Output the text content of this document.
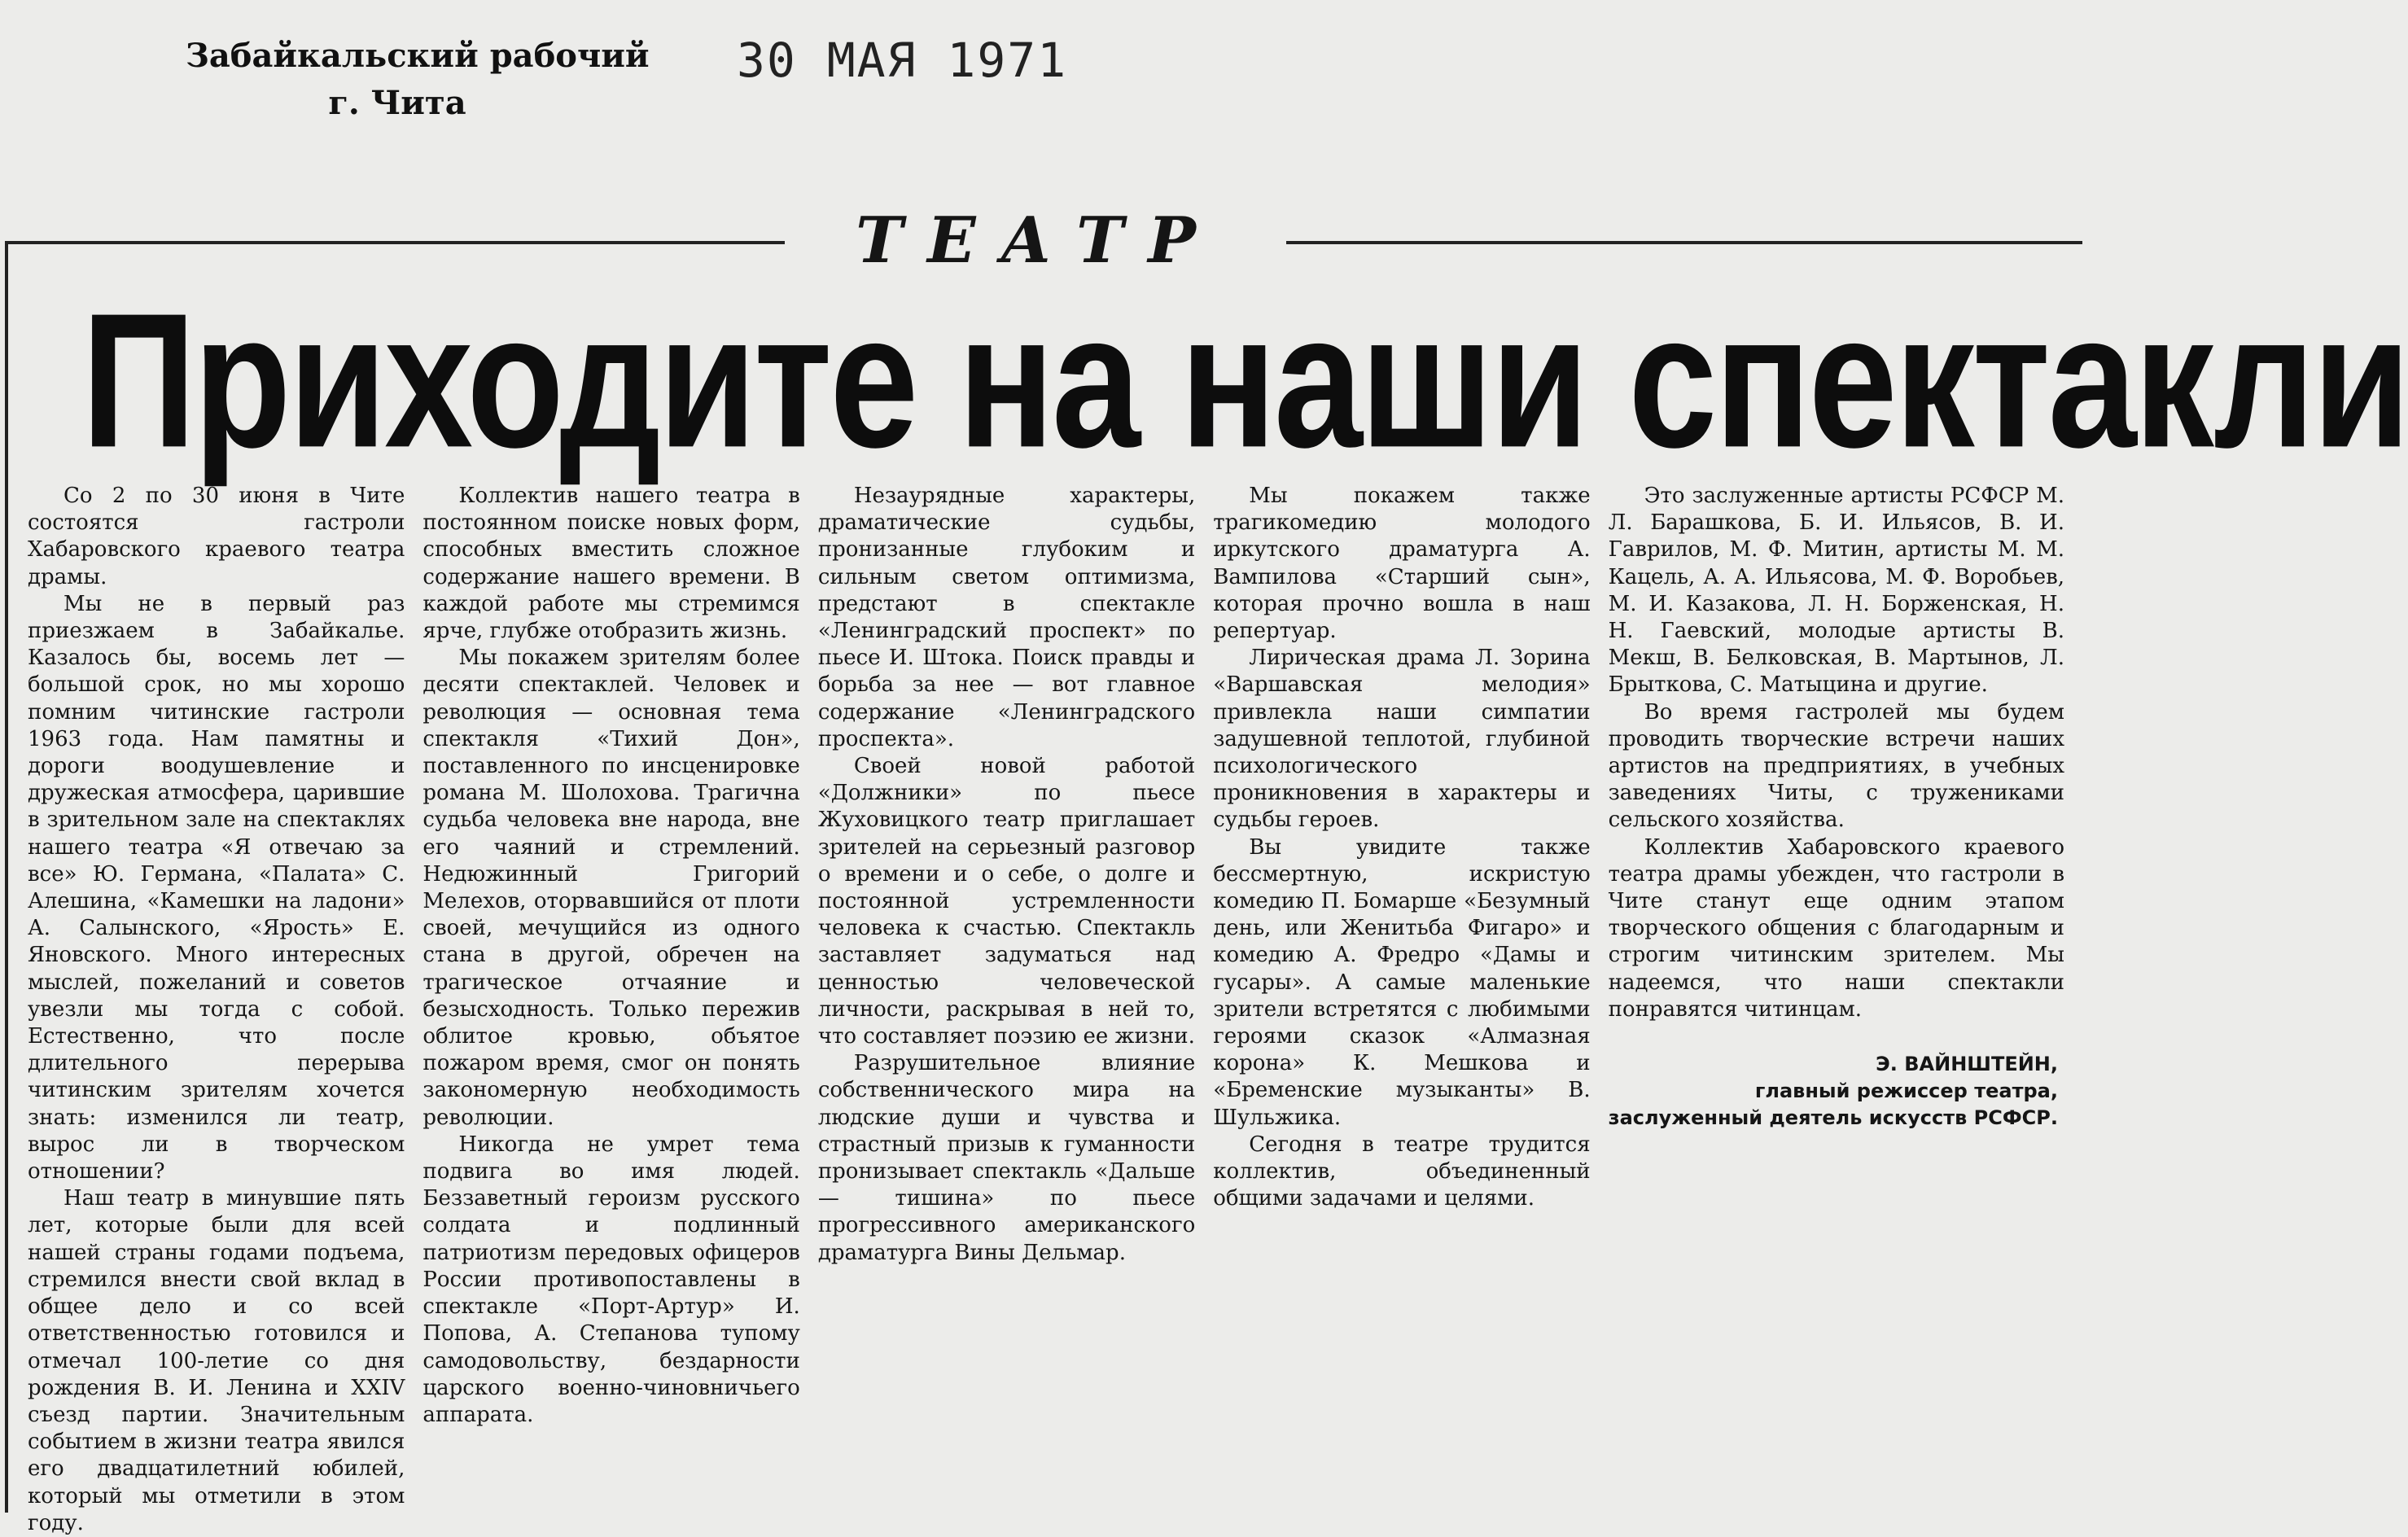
Забайкальский рабочий
г. Чита
30 МАЯ 1971
ТЕАТР
Приходите на наши спектакли

Со 2 по 30 июня в Чите состоятся гастроли Хабаровского краевого театра драмы.

Мы не в первый раз приезжаем в Забайкалье. Казалось бы, восемь лет — большой срок, но мы хорошо помним читинские гастроли 1963 года. Нам памятны и дороги воодушевление и дружеская атмосфера, царившие в зрительном зале на спектаклях нашего театра «Я отвечаю за все» Ю. Германа, «Палата» С. Алешина, «Камешки на ладони» А. Салынского, «Ярость» Е. Яновского. Много интересных мыслей, пожеланий и советов увезли мы тогда с собой. Естественно, что после длительного перерыва читинским зрителям хочется знать: изменился ли театр, вырос ли в творческом отношении?

Наш театр в минувшие пять лет, которые были для всей нашей страны годами подъема, стремился внести свой вклад в общее дело и со всей ответственностью готовился и отмечал 100-летие со дня рождения В. И. Ленина и XXIV съезд партии. Значительным событием в жизни театра явился его двадцатилетний юбилей, который мы отметили в этом году.

Коллектив нашего театра в постоянном поиске новых форм, способных вместить сложное содержание нашего времени. В каждой работе мы стремимся ярче, глубже отобразить жизнь.

Мы покажем зрителям более десяти спектаклей. Человек и революция — основная тема спектакля «Тихий Дон», поставленного по инсценировке романа М. Шолохова. Трагична судьба человека вне народа, вне его чаяний и стремлений. Недюжинный Григорий Мелехов, оторвавшийся от плоти своей, мечущийся из одного стана в другой, обречен на трагическое отчаяние и безысходность. Только пережив облитое кровью, объятое пожаром время, смог он понять закономерную необходимость революции.

Никогда не умрет тема подвига во имя людей. Беззаветный героизм русского солдата и подлинный патриотизм передовых офицеров России противопоставлены в спектакле «Порт-Артур» И. Попова, А. Степанова тупому самодовольству, бездарности царского военно-чиновничьего аппарата.

Незаурядные характеры, драматические судьбы, пронизанные глубоким и сильным светом оптимизма, предстают в спектакле «Ленинградский проспект» по пьесе И. Штока. Поиск правды и борьба за нее — вот главное содержание «Ленинградского проспекта».

Своей новой работой «Должники» по пьесе Жуховицкого театр приглашает зрителей на серьезный разговор о времени и о себе, о долге и постоянной устремленности человека к счастью. Спектакль заставляет задуматься над ценностью человеческой личности, раскрывая в ней то, что составляет поэзию ее жизни.

Разрушительное влияние собственнического мира на людские души и чувства и страстный призыв к гуманности пронизывает спектакль «Дальше — тишина» по пьесе прогрессивного американского драматурга Вины Дельмар.

Мы покажем также трагикомедию молодого иркутского драматурга А. Вампилова «Старший сын», которая прочно вошла в наш репертуар.

Лирическая драма Л. Зорина «Варшавская мелодия» привлекла наши симпатии задушевной теплотой, глубиной психологического проникновения в характеры и судьбы героев.

Вы увидите также бессмертную, искристую комедию П. Бомарше «Безумный день, или Женитьба Фигаро» и комедию А. Фредро «Дамы и гусары». А самые маленькие зрители встретятся с любимыми героями сказок «Алмазная корона» К. Мешкова и «Бременские музыканты» В. Шульжика.

Сегодня в театре трудится коллектив, объединенный общими задачами и целями.

Это заслуженные артисты РСФСР М. Л. Барашкова, Б. И. Ильясов, В. И. Гаврилов, М. Ф. Митин, артисты М. М. Кацель, А. А. Ильясова, М. Ф. Воробьев, М. И. Казакова, Л. Н. Борженская, Н. Н. Гаевский, молодые артисты В. Мекш, В. Белковская, В. Мартынов, Л. Брыткова, С. Матыцина и другие.

Во время гастролей мы будем проводить творческие встречи наших артистов на предприятиях, в учебных заведениях Читы, с тружениками сельского хозяйства.

Коллектив Хабаровского краевого театра драмы убежден, что гастроли в Чите станут еще одним этапом творческого общения с благодарным и строгим читинским зрителем. Мы надеемся, что наши спектакли понравятся читинцам.

Э. ВАЙНШТЕЙН,
главный режиссер театра,
заслуженный деятель искусств РСФСР.
